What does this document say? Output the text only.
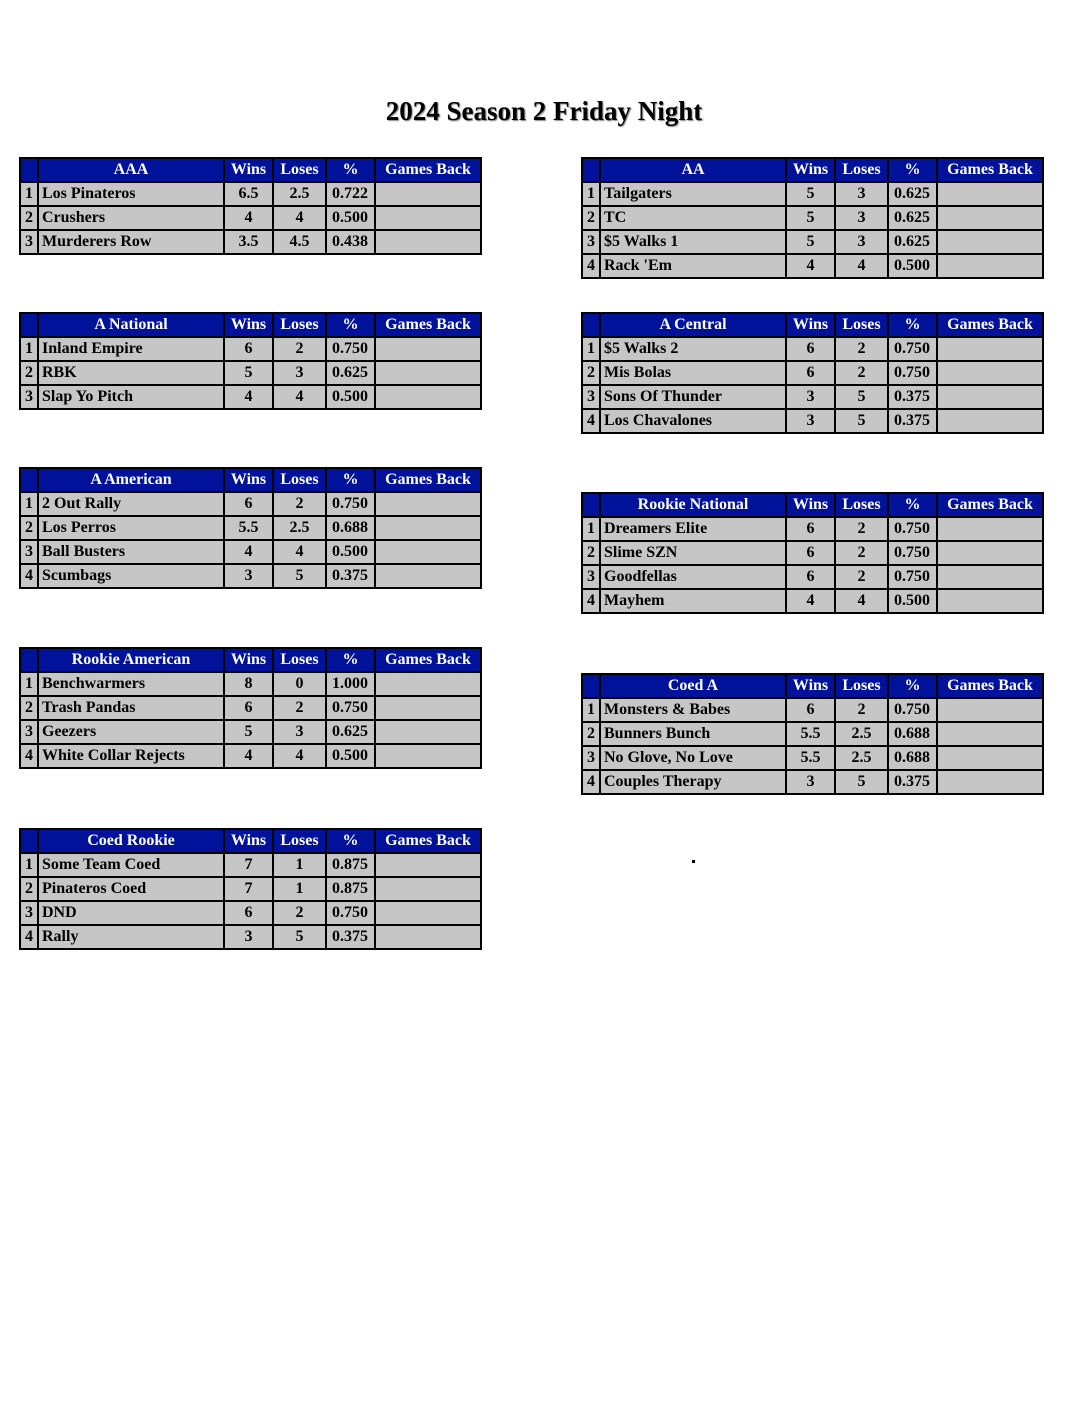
2024 Season 2 Friday Night
	AAA	Wins	Loses	%	Games Back
1	Los Pinateros	6.5	2.5	0.722	
2	Crushers	4	4	0.500	
3	Murderers Row	3.5	4.5	0.438	
	AA	Wins	Loses	%	Games Back
1	Tailgaters	5	3	0.625	
2	TC	5	3	0.625	
3	$5 Walks 1	5	3	0.625	
4	Rack 'Em	4	4	0.500	
	A National	Wins	Loses	%	Games Back
1	Inland Empire	6	2	0.750	
2	RBK	5	3	0.625	
3	Slap Yo Pitch	4	4	0.500	
	A Central	Wins	Loses	%	Games Back
1	$5 Walks 2	6	2	0.750	
2	Mis Bolas	6	2	0.750	
3	Sons Of Thunder	3	5	0.375	
4	Los Chavalones	3	5	0.375	
	A American	Wins	Loses	%	Games Back
1	2 Out Rally	6	2	0.750	
2	Los Perros	5.5	2.5	0.688	
3	Ball Busters	4	4	0.500	
4	Scumbags	3	5	0.375	
	Rookie National	Wins	Loses	%	Games Back
1	Dreamers Elite	6	2	0.750	
2	Slime SZN	6	2	0.750	
3	Goodfellas	6	2	0.750	
4	Mayhem	4	4	0.500	
	Rookie American	Wins	Loses	%	Games Back
1	Benchwarmers	8	0	1.000	
2	Trash Pandas	6	2	0.750	
3	Geezers	5	3	0.625	
4	White Collar Rejects	4	4	0.500	
	Coed A	Wins	Loses	%	Games Back
1	Monsters & Babes	6	2	0.750	
2	Bunners Bunch	5.5	2.5	0.688	
3	No Glove, No Love	5.5	2.5	0.688	
4	Couples Therapy	3	5	0.375	
	Coed Rookie	Wins	Loses	%	Games Back
1	Some Team Coed	7	1	0.875	
2	Pinateros Coed	7	1	0.875	
3	DND	6	2	0.750	
4	Rally	3	5	0.375	
